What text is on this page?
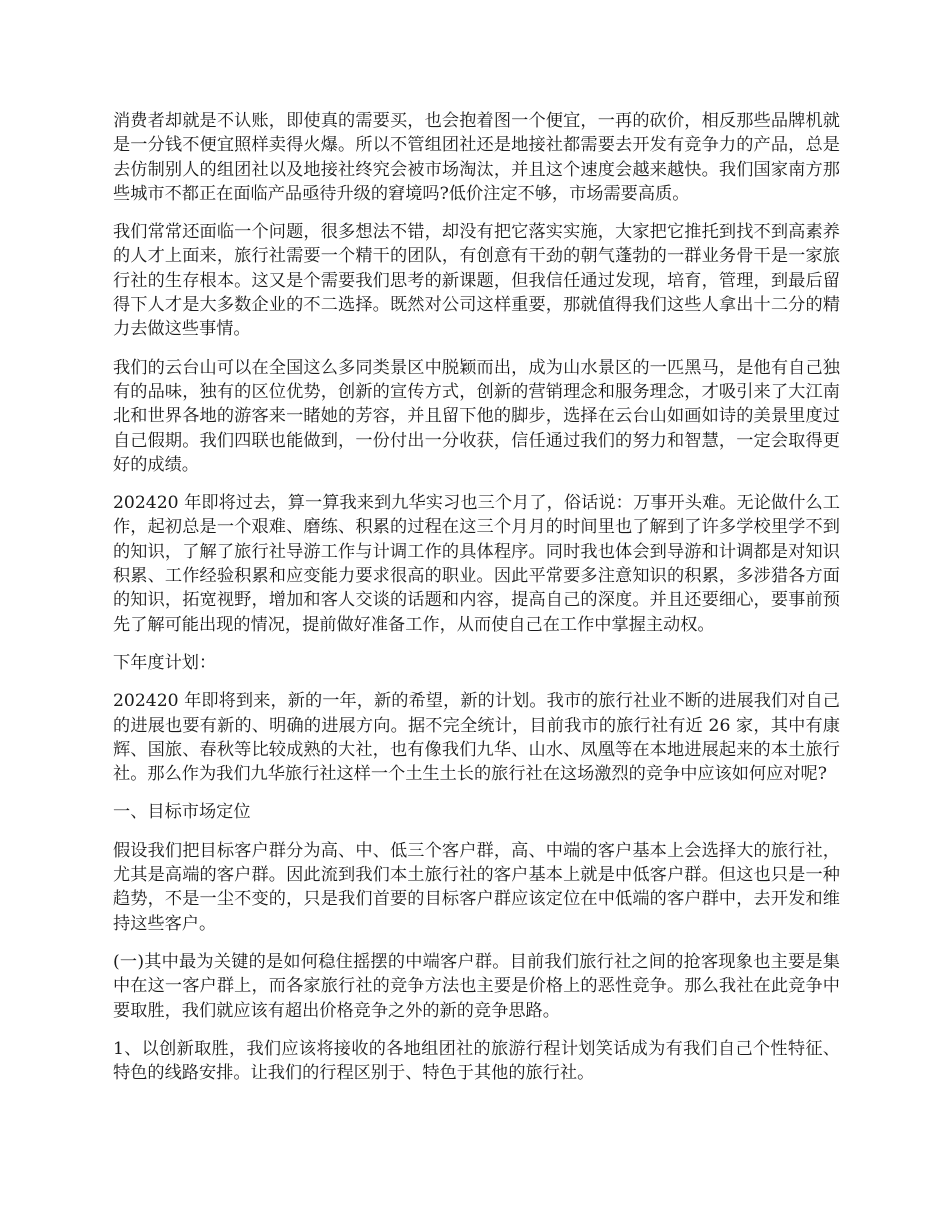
消费者却就是不认账，即使真的需要买，也会抱着图一个便宜，一再的砍价，相反那些品牌机就是一分钱不便宜照样卖得火爆。所以不管组团社还是地接社都需要去开发有竞争力的产品，总是去仿制别人的组团社以及地接社终究会被市场淘汰，并且这个速度会越来越快。我们国家南方那些城市不都正在面临产品亟待升级的窘境吗?低价注定不够，市场需要高质。

我们常常还面临一个问题，很多想法不错，却没有把它落实实施，大家把它推托到找不到高素养的人才上面来，旅行社需要一个精干的团队，有创意有干劲的朝气蓬勃的一群业务骨干是一家旅行社的生存根本。这又是个需要我们思考的新课题，但我信任通过发现，培育，管理，到最后留得下人才是大多数企业的不二选择。既然对公司这样重要，那就值得我们这些人拿出十二分的精力去做这些事情。

我们的云台山可以在全国这么多同类景区中脱颖而出，成为山水景区的一匹黑马，是他有自己独有的品味，独有的区位优势，创新的宣传方式，创新的营销理念和服务理念，才吸引来了大江南北和世界各地的游客来一睹她的芳容，并且留下他的脚步，选择在云台山如画如诗的美景里度过自己假期。我们四联也能做到，一份付出一分收获，信任通过我们的努力和智慧，一定会取得更好的成绩。

202420 年即将过去，算一算我来到九华实习也三个月了，俗话说：万事开头难。无论做什么工作，起初总是一个艰难、磨练、积累的过程在这三个月月的时间里也了解到了许多学校里学不到的知识，了解了旅行社导游工作与计调工作的具体程序。同时我也体会到导游和计调都是对知识积累、工作经验积累和应变能力要求很高的职业。因此平常要多注意知识的积累，多涉猎各方面的知识，拓宽视野，增加和客人交谈的话题和内容，提高自己的深度。并且还要细心，要事前预先了解可能出现的情况，提前做好准备工作，从而使自己在工作中掌握主动权。

下年度计划：

202420 年即将到来，新的一年，新的希望，新的计划。我市的旅行社业不断的进展我们对自己的进展也要有新的、明确的进展方向。据不完全统计，目前我市的旅行社有近 26 家，其中有康辉、国旅、春秋等比较成熟的大社，也有像我们九华、山水、凤凰等在本地进展起来的本土旅行社。那么作为我们九华旅行社这样一个土生土长的旅行社在这场激烈的竞争中应该如何应对呢?

一、目标市场定位

假设我们把目标客户群分为高、中、低三个客户群，高、中端的客户基本上会选择大的旅行社，尤其是高端的客户群。因此流到我们本土旅行社的客户基本上就是中低客户群。但这也只是一种趋势，不是一尘不变的，只是我们首要的目标客户群应该定位在中低端的客户群中，去开发和维持这些客户。

(一)其中最为关键的是如何稳住摇摆的中端客户群。目前我们旅行社之间的抢客现象也主要是集中在这一客户群上，而各家旅行社的竞争方法也主要是价格上的恶性竞争。那么我社在此竞争中要取胜，我们就应该有超出价格竞争之外的新的竞争思路。

1、以创新取胜，我们应该将接收的各地组团社的旅游行程计划笑话成为有我们自己个性特征、特色的线路安排。让我们的行程区别于、特色于其他的旅行社。
